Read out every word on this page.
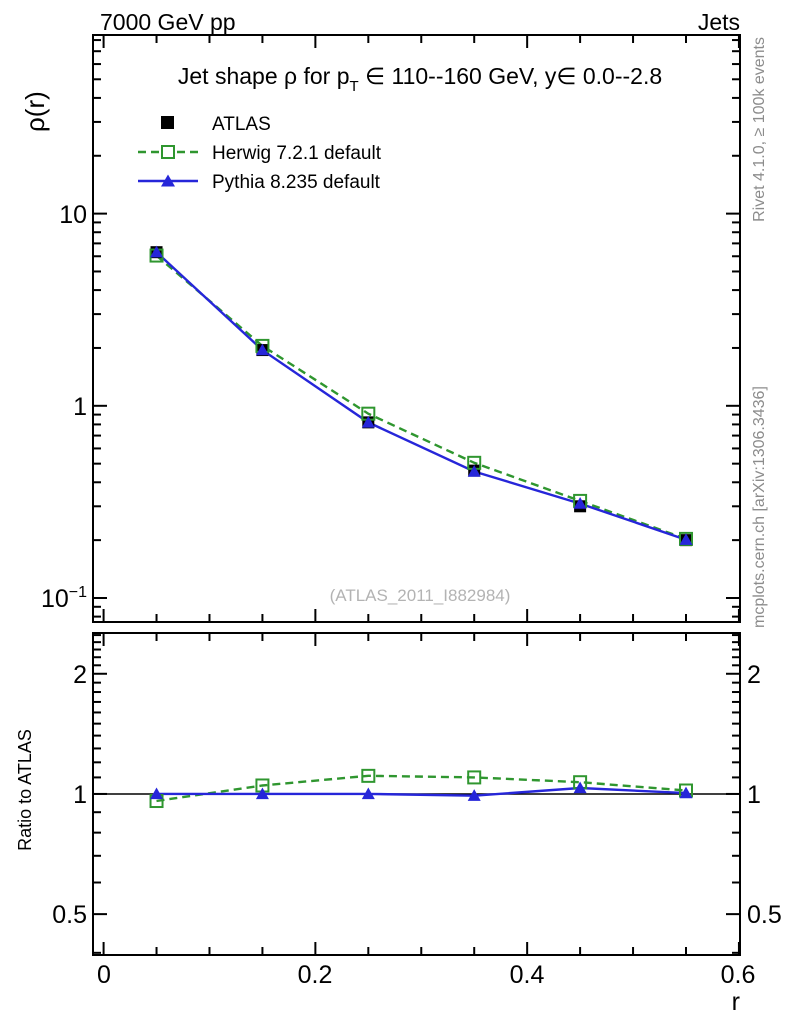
7000 GeV pp	Jets
ρ(r)
Ratio to ATLAS
r
Jet shape ρ for $p_T$ ∈ 110--160 GeV, y∈ 0.0--2.8
ATLAS
Herwig 7.2.1 default
Pythia 8.235 default
(ATLAS_2011_I882984)
Rivet 4.1.0, ≥ 100k events
mcplots.cern.ch [arXiv:1306.3436]
10
1
$10^{-1}$
2
1
0.5
2
1
0.5
0	0.2	0.4	0.6
